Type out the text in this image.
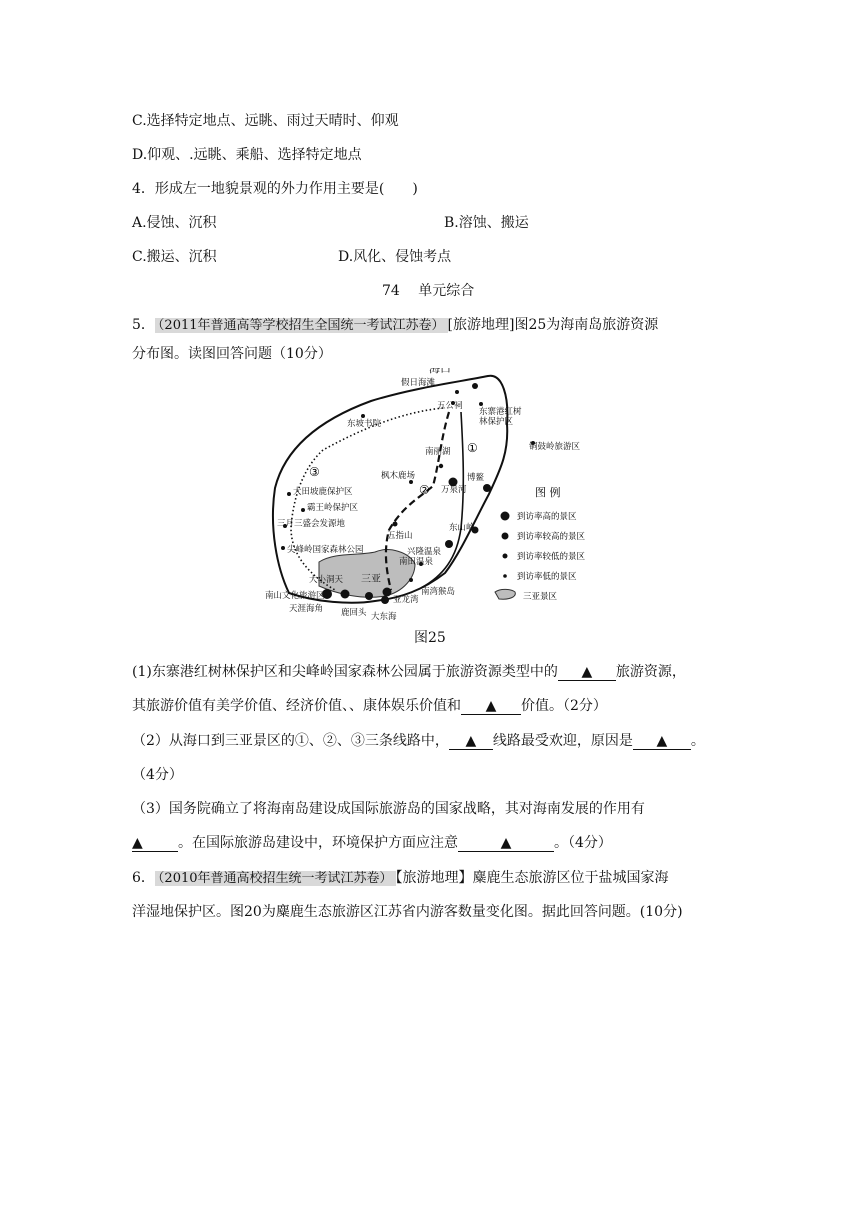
C.选择特定地点、远眺、雨过天晴时、仰观
D.仰观、.远眺、乘船、选择特定地点
4．形成左一地貌景观的外力作用主要是(　　)
A.侵蚀、沉积	B.溶蚀、搬运
C.搬运、沉积	D.风化、侵蚀考点
74　 单元综合
5． （2011年普通高等学校招生全国统一考试江苏卷） [旅游地理]图25为海南岛旅游资源
分布图。读图回答问题（10分）
①
②
③
海口
假日海滩
五公祠
东寨港红树
林保护区
铜鼓岭旅游区
东坡书院
南丽湖
万泉河
博鳌
枫木鹿场
大田坡鹿保护区
霸王岭保护区
三月三盛会发源地
五指山
尖峰岭国家森林公园	兴隆温泉
东山岭
南田温泉
大小洞天 三亚
南山文化旅游区
天涯海角 鹿回头
亚龙湾
大东海
南湾猴岛
图 例
到访率高的景区
到访率较高的景区
到访率较低的景区
到访率低的景区
三亚景区
图25
(1)东寨港红树林保护区和尖峰岭国家森林公园属于旅游资源类型中的 ▲ 旅游资源，
其旅游价值有美学价值、经济价值、、康体娱乐价值和 ▲ 价值。（2分）
（2）从海口到三亚景区的①、②、③三条线路中， ▲ 线路最受欢迎，原因是 ▲ 。
（4分）
（3）国务院确立了将海南岛建设成国际旅游岛的国家战略，其对海南发展的作用有
▲	。在国际旅游岛建设中，环境保护方面应注意	▲	。（4分）
6． （2010年普通高校招生统一考试江苏卷） 【旅游地理】麋鹿生态旅游区位于盐城国家海
洋湿地保护区。图20为麋鹿生态旅游区江苏省内游客数量变化图。据此回答问题。(10分)
